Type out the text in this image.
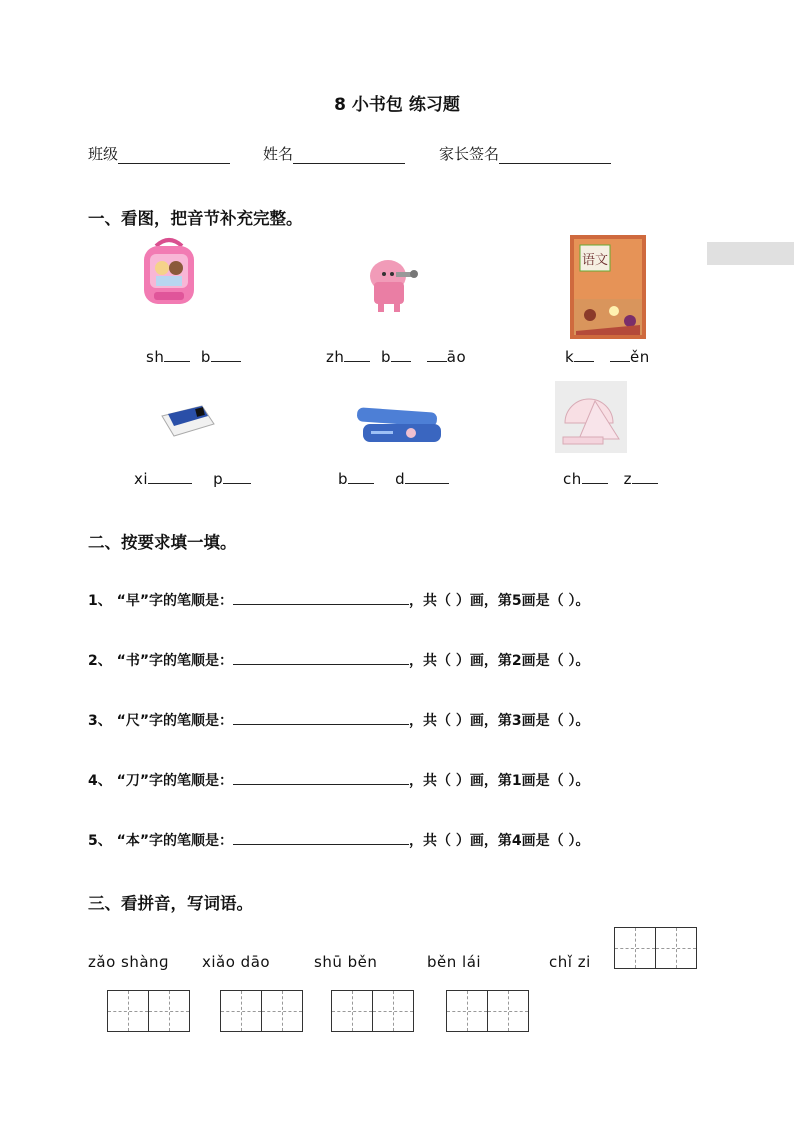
8 小书包 练习题
班级	姓名	家长签名
一、看图，把音节补充完整。
语文
sh b	zh b	āo	k	ěn
xi	p	b	d	ch	z
二、按要求填一填。
1、 “早”字的笔顺是：	，共（ ）画，第5画是（ ）。
2、 “书”字的笔顺是：	，共（ ）画，第2画是（ ）。
3、 “尺”字的笔顺是：	，共（ ）画，第3画是（ ）。
4、 “刀”字的笔顺是：	，共（ ）画，第1画是（ ）。
5、 “本”字的笔顺是：	，共（ ）画，第4画是（ ）。
三、看拼音，写词语。
zǎo shànɡ xiǎo dāo	shū běn	běn lái	chǐ zi
